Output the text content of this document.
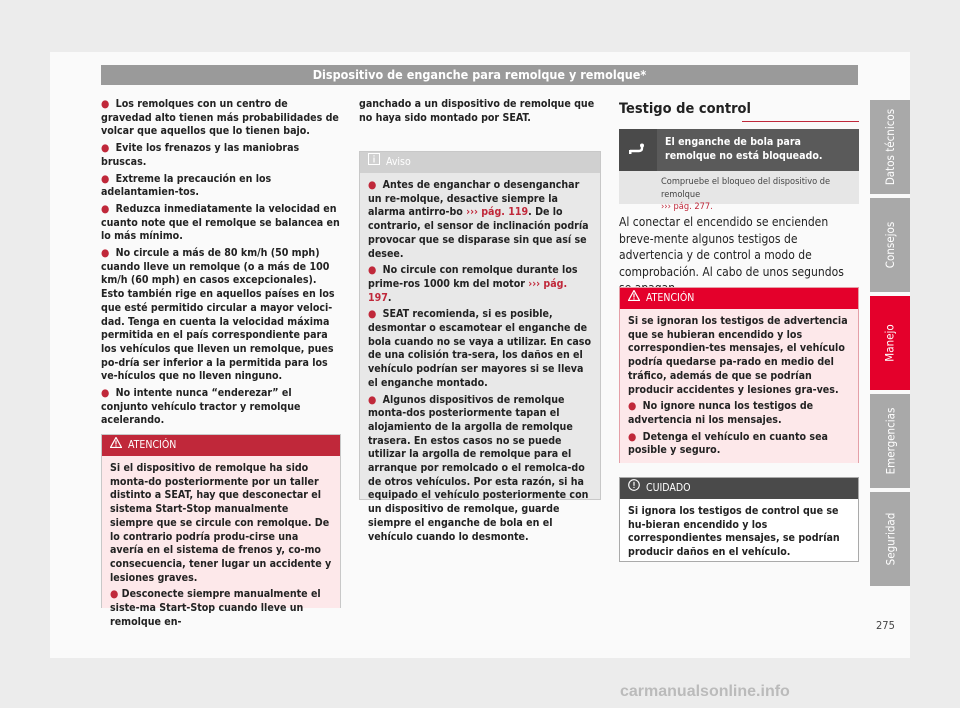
Dispositivo de enganche para remolque y remolque*
● Los remolques con un centro de gravedad alto tienen más probabilidades de volcar que aquellos que lo tienen bajo.
● Evite los frenazos y las maniobras bruscas.
● Extreme la precaución en los adelantamien-tos.
● Reduzca inmediatamente la velocidad en cuanto note que el remolque se balancea en lo más mínimo.
● No circule a más de 80 km/h (50 mph) cuando lleve un remolque (o a más de 100 km/h (60 mph) en casos excepcionales). Esto también rige en aquellos países en los que esté permitido circular a mayor veloci-dad. Tenga en cuenta la velocidad máxima permitida en el país correspondiente para los vehículos que lleven un remolque, pues po-dría ser inferior a la permitida para los ve-hículos que no lleven ninguno.
● No intente nunca “enderezar” el conjunto vehículo tractor y remolque acelerando.
ATENCIÓN
Si el dispositivo de remolque ha sido monta-do posteriormente por un taller distinto a SEAT, hay que desconectar el sistema Start-Stop manualmente siempre que se circule con remolque. De lo contrario podría produ-cirse una avería en el sistema de frenos y, co-mo consecuencia, tener lugar un accidente y lesiones graves.
● Desconecte siempre manualmente el siste-ma Start-Stop cuando lleve un remolque en-
ganchado a un dispositivo de remolque que no haya sido montado por SEAT.
Aviso
● Antes de enganchar o desenganchar un re-molque, desactive siempre la alarma antirro-bo ››› pág. 119. De lo contrario, el sensor de inclinación podría provocar que se disparase sin que así se desee.
● No circule con remolque durante los prime-ros 1000 km del motor ››› pág. 197.
● SEAT recomienda, si es posible, desmontar o escamotear el enganche de bola cuando no se vaya a utilizar. En caso de una colisión tra-sera, los daños en el vehículo podrían ser mayores si se lleva el enganche montado.
● Algunos dispositivos de remolque monta-dos posteriormente tapan el alojamiento de la argolla de remolque trasera. En estos casos no se puede utilizar la argolla de remolque para el arranque por remolcado o el remolca-do de otros vehículos. Por esta razón, si ha equipado el vehículo posteriormente con un dispositivo de remolque, guarde siempre el enganche de bola en el vehículo cuando lo desmonte.
Testigo de control
El enganche de bola para remolque no está bloqueado.
Compruebe el bloqueo del dispositivo de remolque
››› pág. 277.
Al conectar el encendido se encienden breve-mente algunos testigos de advertencia y de control a modo de comprobación. Al cabo de unos segundos
ATENCIÓN
Si se ignoran los testigos de advertencia que se hubieran encendido y los correspondien-tes mensajes, el vehículo podría quedarse pa-rado en medio del tráfico, además de que se podrían producir accidentes y lesiones gra-ves.
● No ignore nunca los testigos de advertencia ni los mensajes.
● Detenga el vehículo en cuanto sea posible y seguro.
CUIDADO
Si ignora los testigos de control que se hu-bieran encendido y los correspondientes mensajes, se podrían producir daños en el vehículo.
Datos técnicos
Consejos
Manejo
Emergencias
Seguridad
275
carmanualsonline.info
